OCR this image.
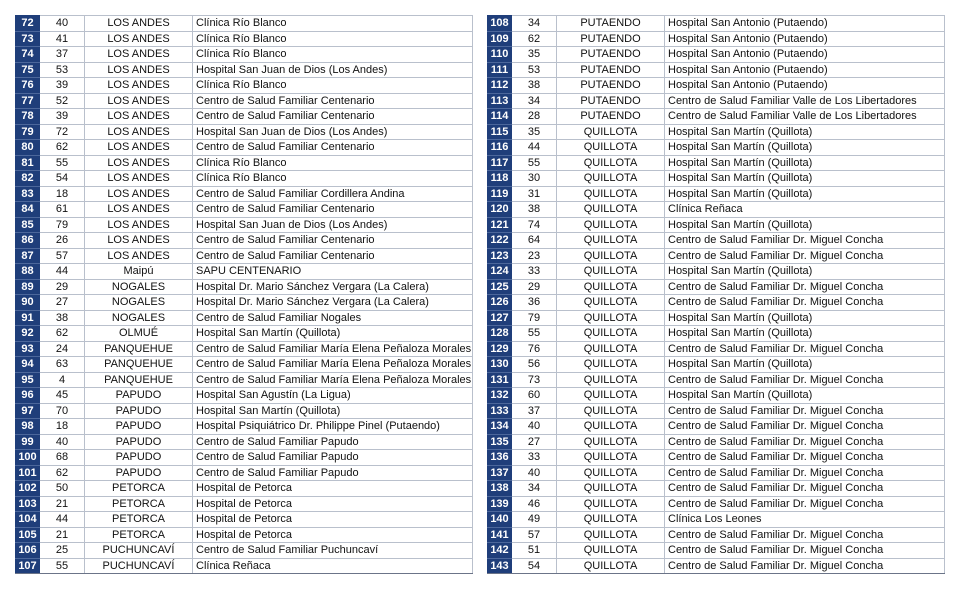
72	40	LOS ANDES	Clínica Río Blanco
73	41	LOS ANDES	Clínica Río Blanco
74	37	LOS ANDES	Clínica Río Blanco
75	53	LOS ANDES	Hospital San Juan de Dios (Los Andes)
76	39	LOS ANDES	Clínica Río Blanco
77	52	LOS ANDES	Centro de Salud Familiar Centenario
78	39	LOS ANDES	Centro de Salud Familiar Centenario
79	72	LOS ANDES	Hospital San Juan de Dios (Los Andes)
80	62	LOS ANDES	Centro de Salud Familiar Centenario
81	55	LOS ANDES	Clínica Río Blanco
82	54	LOS ANDES	Clínica Río Blanco
83	18	LOS ANDES	Centro de Salud Familiar Cordillera Andina
84	61	LOS ANDES	Centro de Salud Familiar Centenario
85	79	LOS ANDES	Hospital San Juan de Dios (Los Andes)
86	26	LOS ANDES	Centro de Salud Familiar Centenario
87	57	LOS ANDES	Centro de Salud Familiar Centenario
88	44	Maipú	SAPU CENTENARIO
89	29	NOGALES	Hospital Dr. Mario Sánchez Vergara (La Calera)
90	27	NOGALES	Hospital Dr. Mario Sánchez Vergara (La Calera)
91	38	NOGALES	Centro de Salud Familiar Nogales
92	62	OLMUÉ	Hospital San Martín (Quillota)
93	24	PANQUEHUE	Centro de Salud Familiar María Elena Peñaloza Morales
94	63	PANQUEHUE	Centro de Salud Familiar María Elena Peñaloza Morales
95	4	PANQUEHUE	Centro de Salud Familiar María Elena Peñaloza Morales
96	45	PAPUDO	Hospital San Agustín (La Ligua)
97	70	PAPUDO	Hospital San Martín (Quillota)
98	18	PAPUDO	Hospital Psiquiátrico Dr. Philippe Pinel (Putaendo)
99	40	PAPUDO	Centro de Salud Familiar Papudo
100	68	PAPUDO	Centro de Salud Familiar Papudo
101	62	PAPUDO	Centro de Salud Familiar Papudo
102	50	PETORCA	Hospital de Petorca
103	21	PETORCA	Hospital de Petorca
104	44	PETORCA	Hospital de Petorca
105	21	PETORCA	Hospital de Petorca
106	25	PUCHUNCAVÍ	Centro de Salud Familiar Puchuncaví
107	55	PUCHUNCAVÍ	Clínica Reñaca
108	34	PUTAENDO	Hospital San Antonio (Putaendo)
109	62	PUTAENDO	Hospital San Antonio (Putaendo)
110	35	PUTAENDO	Hospital San Antonio (Putaendo)
111	53	PUTAENDO	Hospital San Antonio (Putaendo)
112	38	PUTAENDO	Hospital San Antonio (Putaendo)
113	34	PUTAENDO	Centro de Salud Familiar Valle de Los Libertadores
114	28	PUTAENDO	Centro de Salud Familiar Valle de Los Libertadores
115	35	QUILLOTA	Hospital San Martín (Quillota)
116	44	QUILLOTA	Hospital San Martín (Quillota)
117	55	QUILLOTA	Hospital San Martín (Quillota)
118	30	QUILLOTA	Hospital San Martín (Quillota)
119	31	QUILLOTA	Hospital San Martín (Quillota)
120	38	QUILLOTA	Clínica Reñaca
121	74	QUILLOTA	Hospital San Martín (Quillota)
122	64	QUILLOTA	Centro de Salud Familiar Dr. Miguel Concha
123	23	QUILLOTA	Centro de Salud Familiar Dr. Miguel Concha
124	33	QUILLOTA	Hospital San Martín (Quillota)
125	29	QUILLOTA	Centro de Salud Familiar Dr. Miguel Concha
126	36	QUILLOTA	Centro de Salud Familiar Dr. Miguel Concha
127	79	QUILLOTA	Hospital San Martín (Quillota)
128	55	QUILLOTA	Hospital San Martín (Quillota)
129	76	QUILLOTA	Centro de Salud Familiar Dr. Miguel Concha
130	56	QUILLOTA	Hospital San Martín (Quillota)
131	73	QUILLOTA	Centro de Salud Familiar Dr. Miguel Concha
132	60	QUILLOTA	Hospital San Martín (Quillota)
133	37	QUILLOTA	Centro de Salud Familiar Dr. Miguel Concha
134	40	QUILLOTA	Centro de Salud Familiar Dr. Miguel Concha
135	27	QUILLOTA	Centro de Salud Familiar Dr. Miguel Concha
136	33	QUILLOTA	Centro de Salud Familiar Dr. Miguel Concha
137	40	QUILLOTA	Centro de Salud Familiar Dr. Miguel Concha
138	34	QUILLOTA	Centro de Salud Familiar Dr. Miguel Concha
139	46	QUILLOTA	Centro de Salud Familiar Dr. Miguel Concha
140	49	QUILLOTA	Clínica Los Leones
141	57	QUILLOTA	Centro de Salud Familiar Dr. Miguel Concha
142	51	QUILLOTA	Centro de Salud Familiar Dr. Miguel Concha
143	54	QUILLOTA	Centro de Salud Familiar Dr. Miguel Concha
